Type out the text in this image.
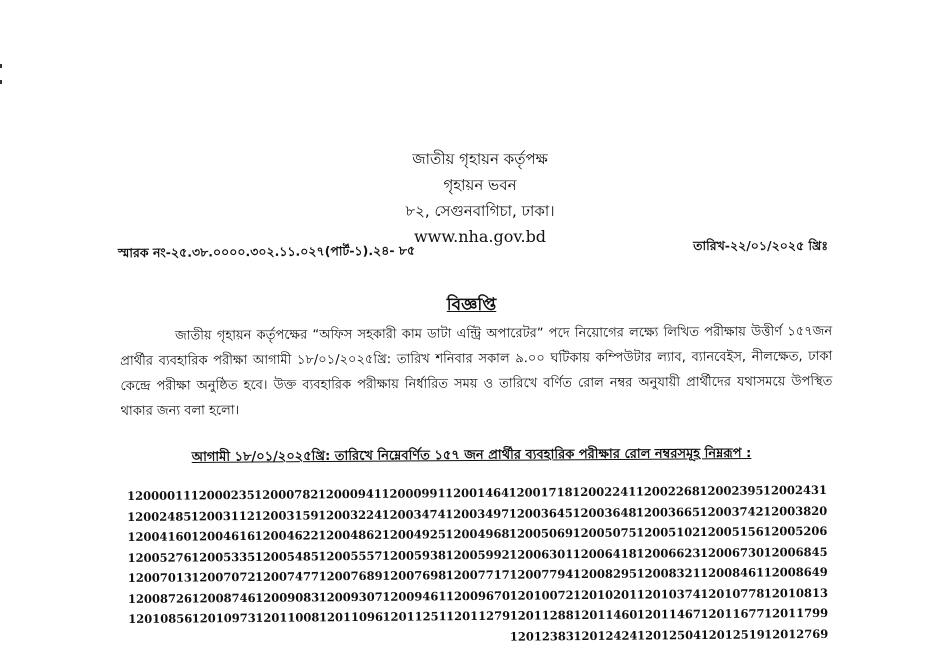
জাতীয় গৃহায়ন কর্তৃপক্ষ
গৃহায়ন ভবন
৮২, সেগুনবাগিচা, ঢাকা।
www.nha.gov.bd
স্মারক নং-২৫.৩৮.০০০০.৩০২.১১.০২৭(পার্ট-১).২৪- ৮৫	তারিখ-২২/০১/২০২৫ খ্রিঃ
বিজ্ঞপ্তি

জাতীয় গৃহায়ন কর্তৃপক্ষের “অফিস সহকারী কাম ডাটা এন্ট্রি অপারেটর” পদে নিয়োগের লক্ষ্যে লিখিত পরীক্ষায় উত্তীর্ণ ১৫৭জন প্রার্থীর ব্যবহারিক পরীক্ষা আগামী ১৮/০১/২০২৫খ্রি: তারিখ শনিবার সকাল ৯.০০ ঘটিকায় কম্পিউটার ল্যাব, ব্যানবেইস, নীলক্ষেত, ঢাকা কেন্দ্রে পরীক্ষা অনুষ্ঠিত হবে। উক্ত ব্যবহারিক পরীক্ষায় নির্ধারিত সময় ও তারিখে বর্ণিত রোল নম্বর অনুযায়ী প্রার্থীদের যথাসময়ে উপস্থিত থাকার জন্য বলা হলো।

আগামী ১৮/০১/২০২৫খ্রি: তারিখে নিম্নেবর্ণিত ১৫৭ জন প্রার্থীর ব্যবহারিক পরীক্ষার রোল নম্বরসমূহ নিম্নরূপ :
12000011 12000235 12000782 12000941 12000991 12001464 12001718 12002241 12002268 12002395 12002431
12002485 12003112 12003159 12003224 12003474 12003497 12003645 12003648 12003665 12003742 12003820
12004160 12004616 12004622 12004862 12004925 12004968 12005069 12005075 12005102 12005156 12005206
12005276 12005335 12005485 12005557 12005938 12005992 12006301 12006418 12006623 12006730 12006845
12007013 12007072 12007477 12007689 12007698 12007717 12007794 12008295 12008321 12008461 12008649
12008726 12008746 12009083 12009307 12009461 12009670 12010072 12010201 12010374 12010778 12010813
12010856 12010973 12011008 12011096 12011251 12011279 12011288 12011460 12011467 12011677 12011799
12012383 12012424 12012504 12012519 12012769
